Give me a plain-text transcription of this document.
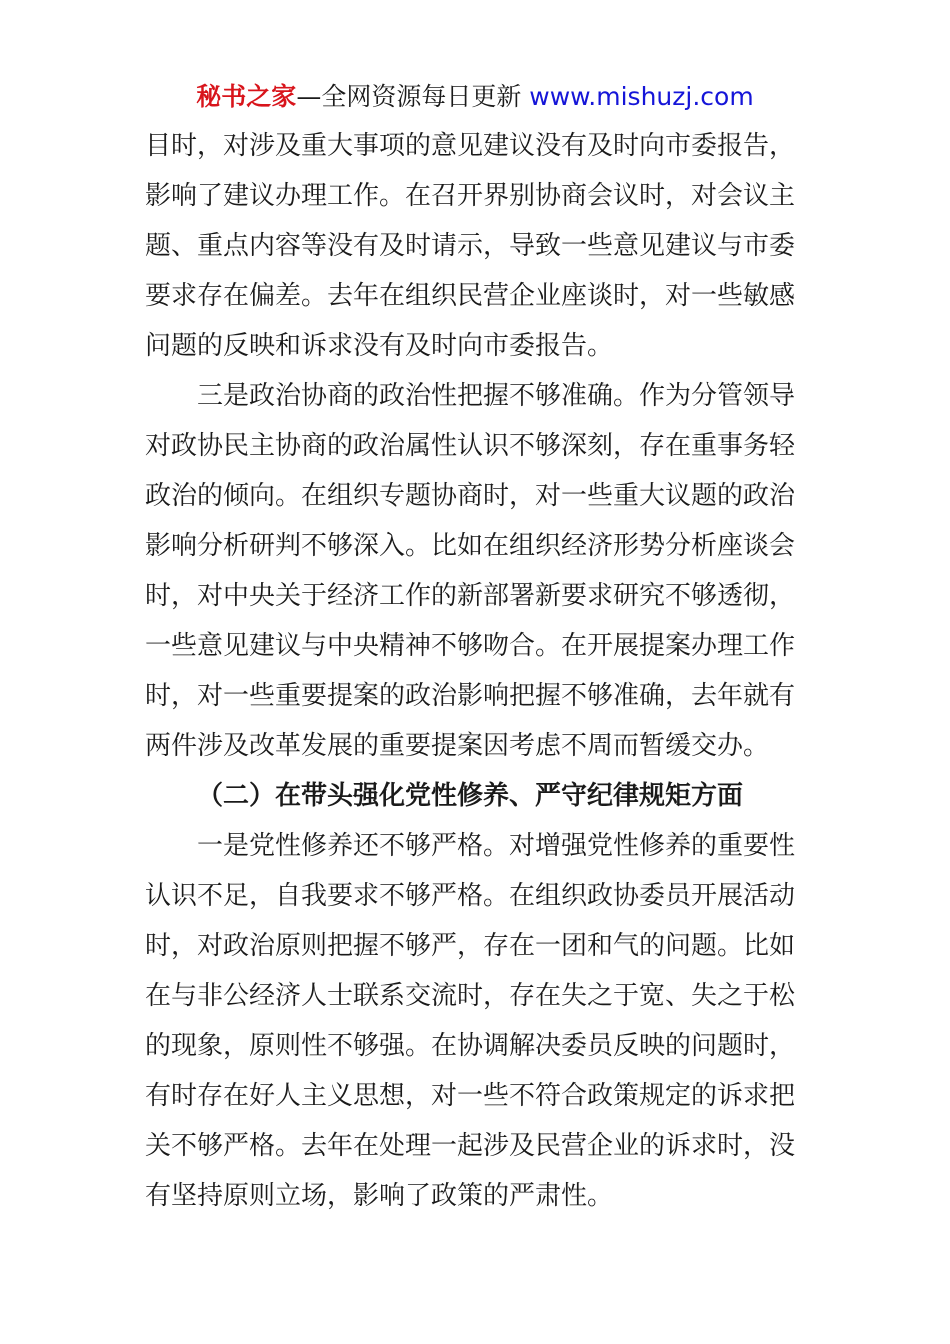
秘书之家—全网资源每日更新 www.mishuzj.com
目时，对涉及重大事项的意见建议没有及时向市委报告，
影响了建议办理工作。在召开界别协商会议时，对会议主
题、重点内容等没有及时请示，导致一些意见建议与市委
要求存在偏差。去年在组织民营企业座谈时，对一些敏感
问题的反映和诉求没有及时向市委报告。
三是政治协商的政治性把握不够准确。作为分管领导
对政协民主协商的政治属性认识不够深刻，存在重事务轻
政治的倾向。在组织专题协商时，对一些重大议题的政治
影响分析研判不够深入。比如在组织经济形势分析座谈会
时，对中央关于经济工作的新部署新要求研究不够透彻，
一些意见建议与中央精神不够吻合。在开展提案办理工作
时，对一些重要提案的政治影响把握不够准确，去年就有
两件涉及改革发展的重要提案因考虑不周而暂缓交办。
（二）在带头强化党性修养、严守纪律规矩方面
一是党性修养还不够严格。对增强党性修养的重要性
认识不足，自我要求不够严格。在组织政协委员开展活动
时，对政治原则把握不够严，存在一团和气的问题。比如
在与非公经济人士联系交流时，存在失之于宽、失之于松
的现象，原则性不够强。在协调解决委员反映的问题时，
有时存在好人主义思想，对一些不符合政策规定的诉求把
关不够严格。去年在处理一起涉及民营企业的诉求时，没
有坚持原则立场，影响了政策的严肃性。
